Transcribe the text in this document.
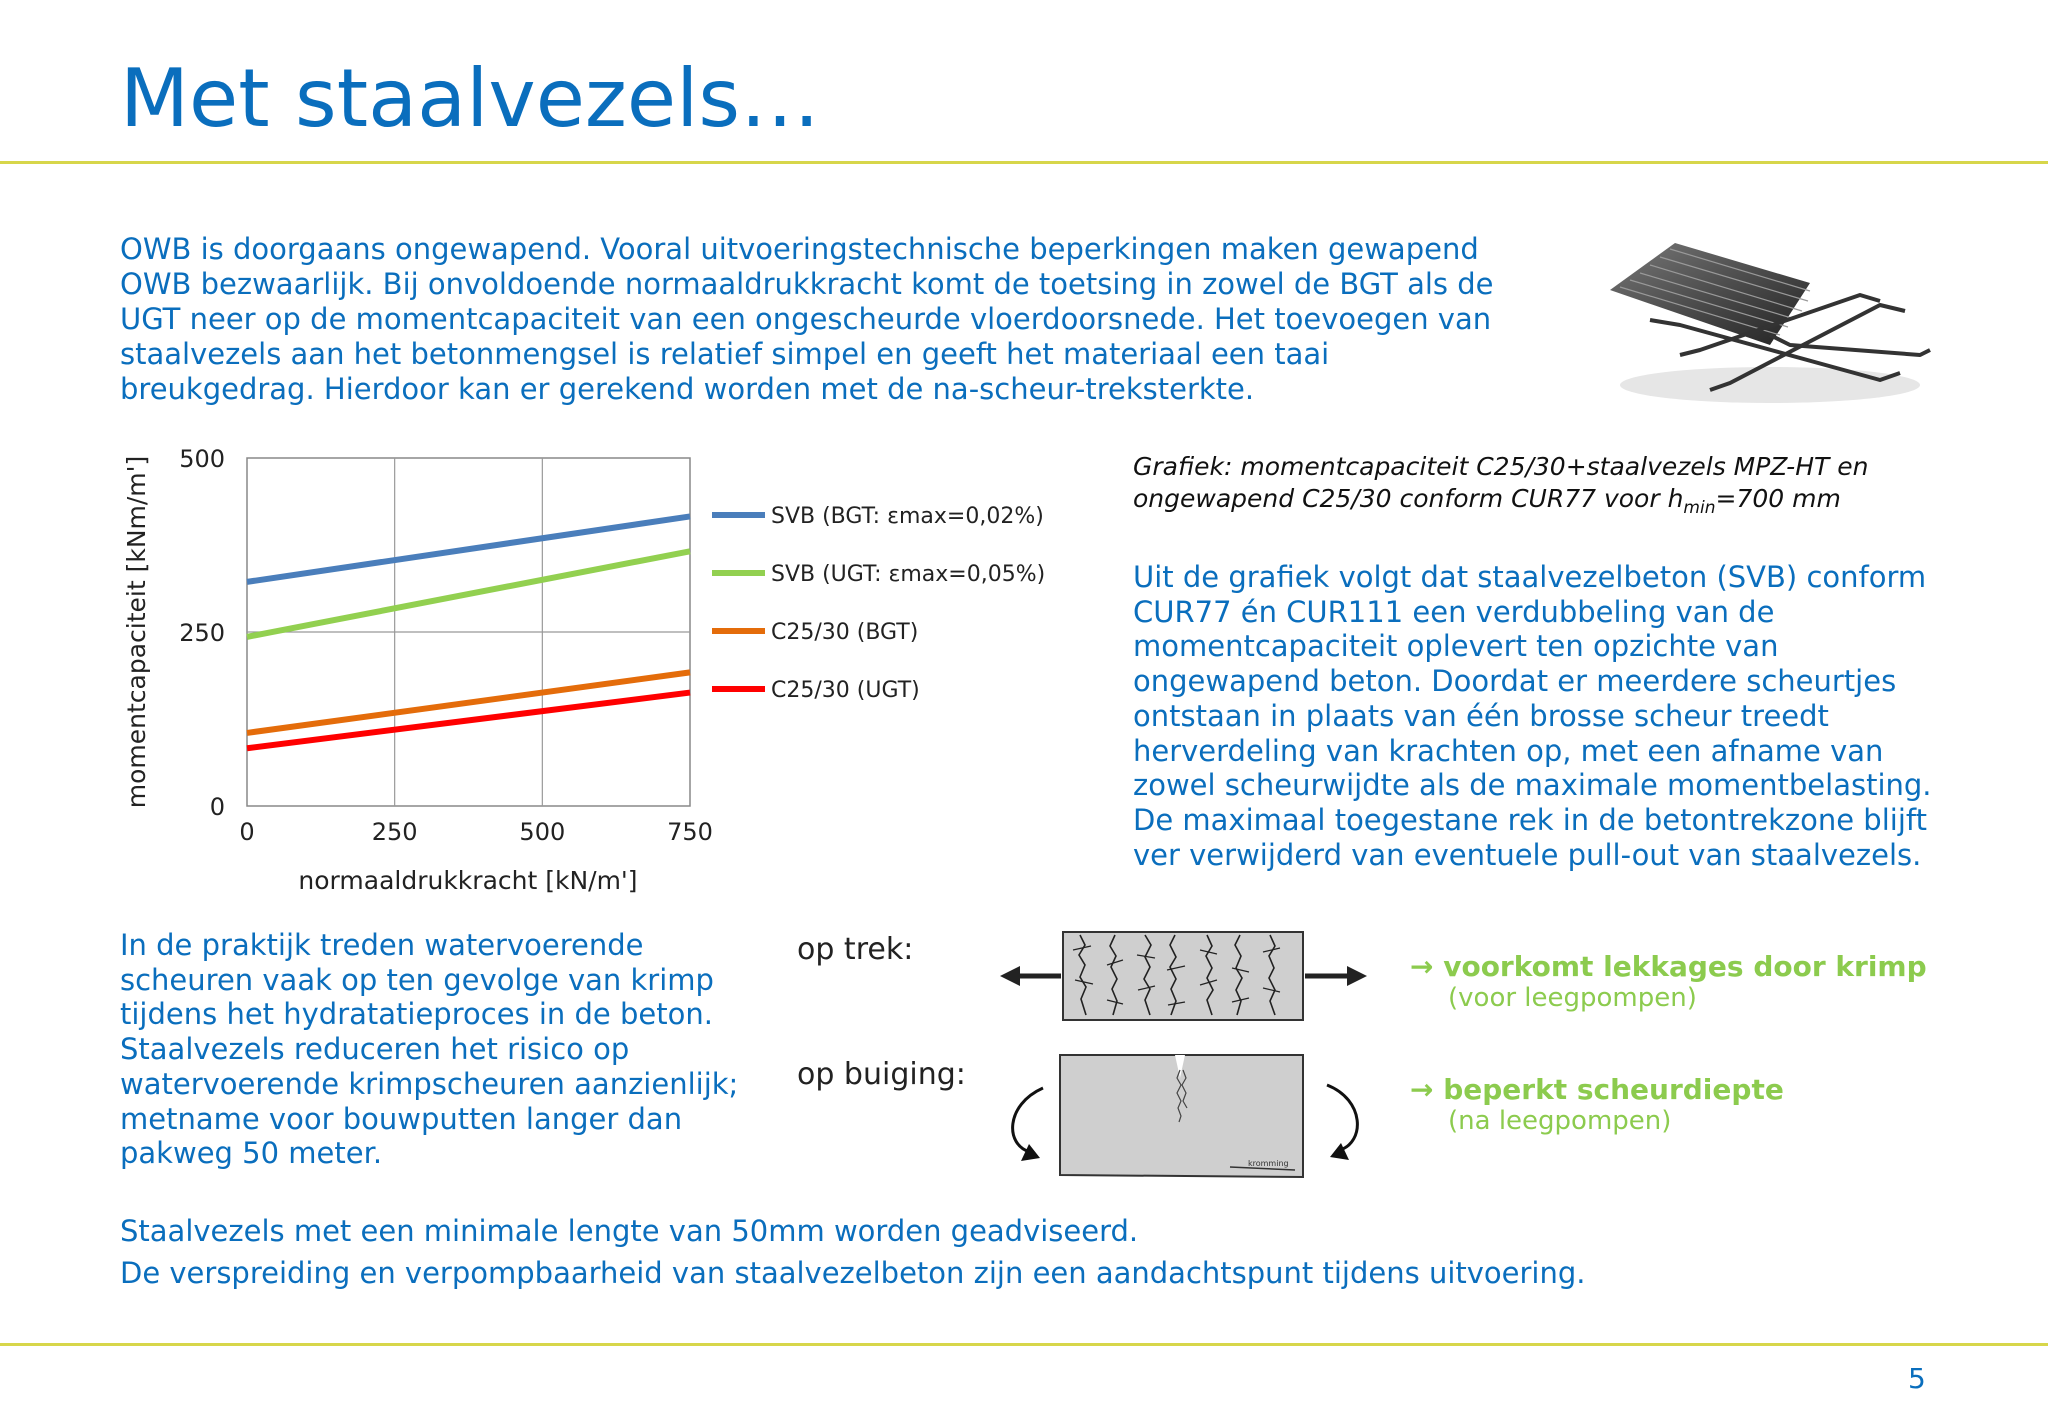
Met staalvezels…
OWB is doorgaans ongewapend. Vooral uitvoeringstechnische beperkingen maken gewapend
OWB bezwaarlijk. Bij onvoldoende normaaldrukkracht komt de toetsing in zowel de BGT als de
UGT neer op de momentcapaciteit van een ongescheurde vloerdoorsnede. Het toevoegen van
staalvezels aan het betonmengsel is relatief simpel en geeft het materiaal een taai
breukgedrag. Hierdoor kan er gerekend worden met de na-scheur-treksterkte.
0	250	500	750
0
250
500
normaaldrukkracht [kN/m']
momentcapaciteit [kNm/m']	SVB (BGT: εmax=0,02%)
SVB (UGT: εmax=0,05%)
C25/30 (BGT)
C25/30 (UGT)
Grafiek: momentcapaciteit C25/30+staalvezels MPZ-HT en
ongewapend C25/30 conform CUR77 voor $h_{min}=700$ mm
Uit de grafiek volgt dat staalvezelbeton (SVB) conform
CUR77 én CUR111 een verdubbeling van de
momentcapaciteit oplevert ten opzichte van
ongewapend beton. Doordat er meerdere scheurtjes
ontstaan in plaats van één brosse scheur treedt
herverdeling van krachten op, met een afname van
zowel scheurwijdte als de maximale momentbelasting.
De maximaal toegestane rek in de betontrekzone blijft
ver verwijderd van eventuele pull-out van staalvezels.
In de praktijk treden watervoerende
scheuren vaak op ten gevolge van krimp
tijdens het hydratatieproces in de beton.
Staalvezels reduceren het risico op
watervoerende krimpscheuren aanzienlijk;
metname voor bouwputten langer dan
pakweg 50 meter.
op trek:
op buiging:
kromming
→ voorkomt lekkages door krimp
(voor leegpompen)
→ beperkt scheurdiepte
(na leegpompen)
Staalvezels met een minimale lengte van 50mm worden geadviseerd.
De verspreiding en verpompbaarheid van staalvezelbeton zijn een aandachtspunt tijdens uitvoering.
5
